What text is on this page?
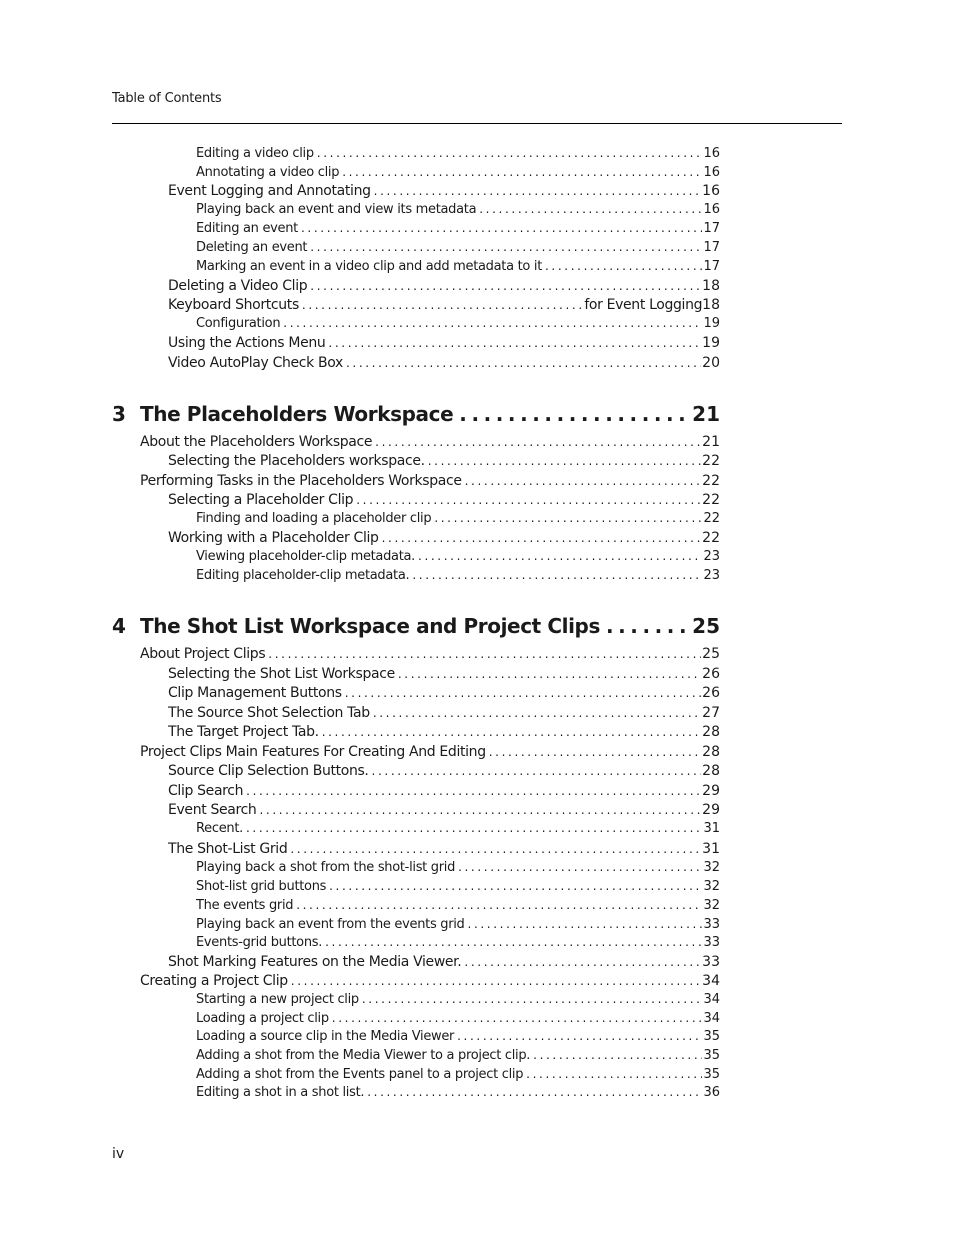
Table of Contents
Editing a video clip . . .	16
Annotating a video clip . . .	16
Event Logging and Annotating . . .	16
Playing back an event and view its metadata . . .	16
Editing an event . . .	17
Deleting an event . . .	17
Marking an event in a video clip and add metadata to it . . .	17
Deleting a Video Clip . . .	18
Keyboard Shortcuts . . .	for Event Logging 18
Configuration . . .	19
Using the Actions Menu . . .	19
Video AutoPlay Check Box . . .	20
3 The Placeholders Workspace . . .	21
About the Placeholders Workspace . . .	21
Selecting the Placeholders workspace. . . .	22
Performing Tasks in the Placeholders Workspace . . .	22
Selecting a Placeholder Clip . . .	22
Finding and loading a placeholder clip . . .	22
Working with a Placeholder Clip . . .	22
Viewing placeholder-clip metadata. . . .	23
Editing placeholder-clip metadata. . . .	23
4 The Shot List Workspace and Project Clips . . .	25
About Project Clips . . .	25
Selecting the Shot List Workspace . . .	26
Clip Management Buttons . . .	26
The Source Shot Selection Tab . . .	27
The Target Project Tab. . . .	28
Project Clips Main Features For Creating And Editing . . .	28
Source Clip Selection Buttons. . . .	28
Clip Search . . .	29
Event Search . . .	29
Recent. . . .	31
The Shot-List Grid . . .	31
Playing back a shot from the shot-list grid . . .	32
Shot-list grid buttons . . .	32
The events grid . . .	32
Playing back an event from the events grid . . .	33
Events-grid buttons. . . .	33
Shot Marking Features on the Media Viewer. . . .	33
Creating a Project Clip . . .	34
Starting a new project clip . . .	34
Loading a project clip . . .	34
Loading a source clip in the Media Viewer . . .	35
Adding a shot from the Media Viewer to a project clip. . . .	35
Adding a shot from the Events panel to a project clip . . .	35
Editing a shot in a shot list. . . .	36
iv
